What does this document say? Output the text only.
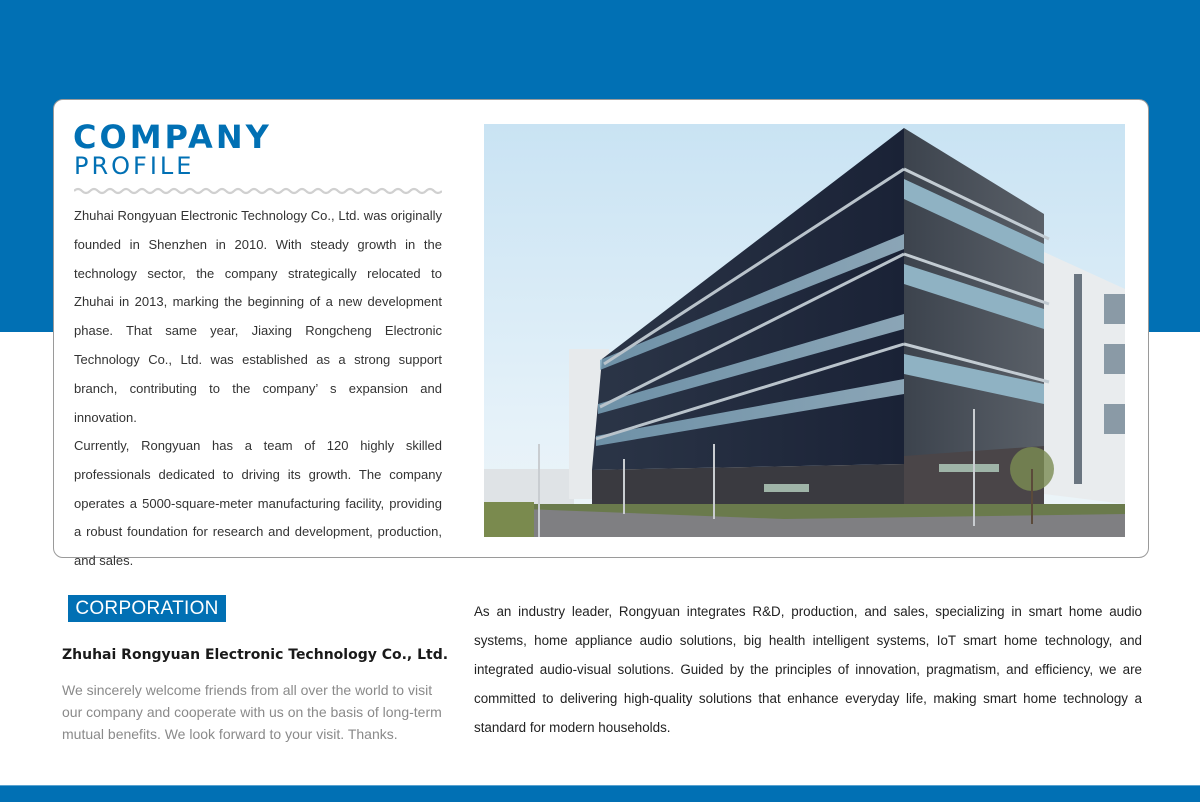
COMPANY
PROFILE

Zhuhai Rongyuan Electronic Technology Co., Ltd. was originally founded in Shenzhen in 2010. With steady growth in the technology sector, the company strategically relocated to Zhuhai in 2013, marking the beginning of a new development phase. That same year, Jiaxing Rongcheng Electronic Technology Co., Ltd. was established as a strong support branch, contributing to the company’ s expansion and innovation.

Currently, Rongyuan has a team of 120 highly skilled professionals dedicated to driving its growth. The company operates a 5000-square-meter manufacturing facility, providing a robust foundation for research and development, production, and sales.

CORPORATION
Zhuhai Rongyuan Electronic Technology Co., Ltd.

We sincerely welcome friends from all over the world to visit our company and cooperate with us on the basis of long-term mutual benefits. We look forward to your visit. Thanks.

As an industry leader, Rongyuan integrates R&D, production, and sales, specializing in smart home audio systems, home appliance audio solutions, big health intelligent systems, IoT smart home technology, and integrated audio-visual solutions. Guided by the principles of innovation, pragmatism, and efficiency, we are committed to delivering high-quality solutions that enhance everyday life, making smart home technology a standard for modern households.
